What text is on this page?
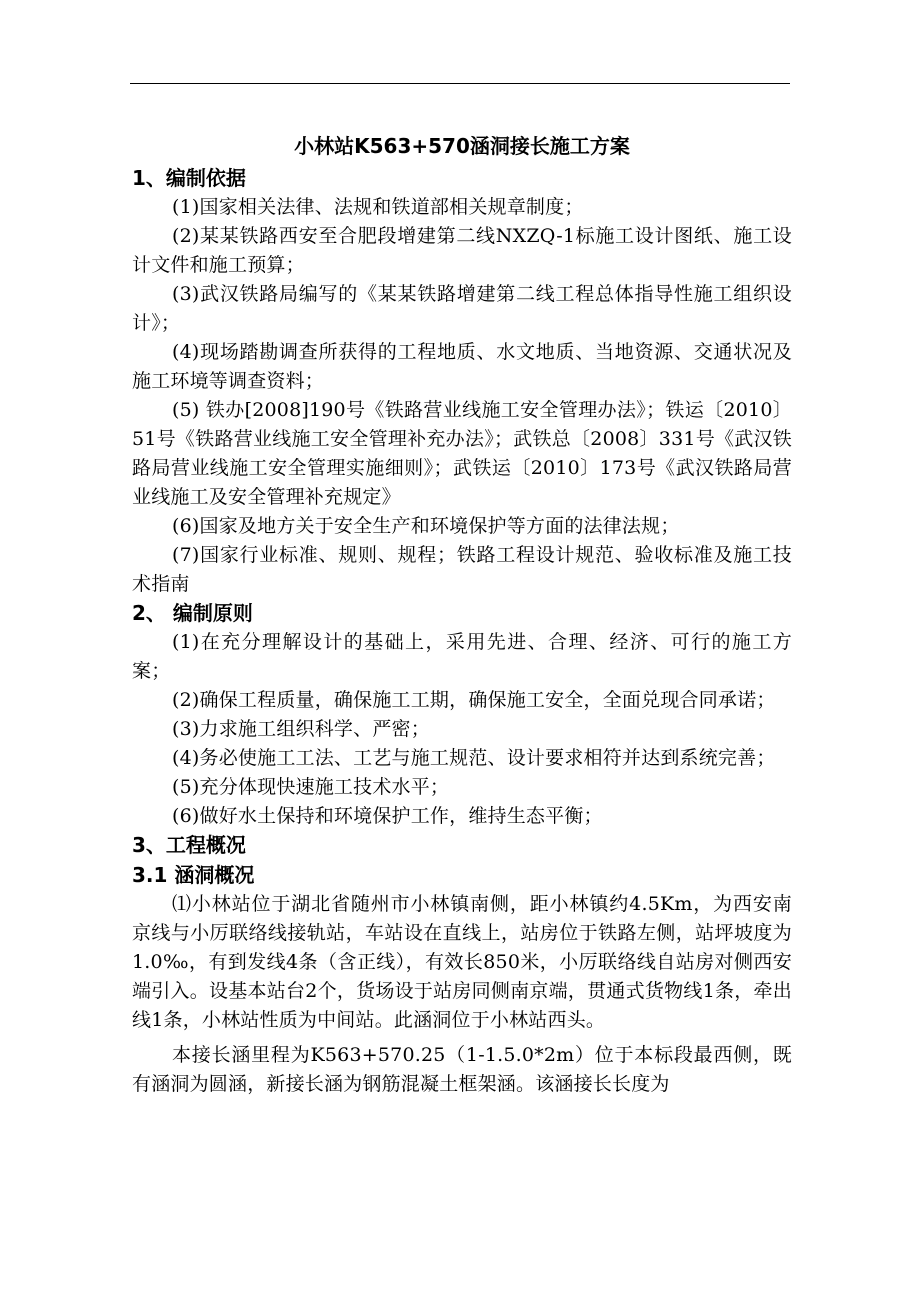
小林站K563+570涵洞接长施工方案
1、编制依据

(1)国家相关法律、法规和铁道部相关规章制度；

(2)某某铁路西安至合肥段增建第二线NXZQ-1标施工设计图纸、施工设计文件和施工预算；

(3)武汉铁路局编写的《某某铁路增建第二线工程总体指导性施工组织设计》；

(4)现场踏勘调查所获得的工程地质、水文地质、当地资源、交通状况及施工环境等调查资料；

(5) 铁办[2008]190号《铁路营业线施工安全管理办法》；铁运〔2010〕51号《铁路营业线施工安全管理补充办法》；武铁总〔2008〕331号《武汉铁路局营业线施工安全管理实施细则》；武铁运〔2010〕173号《武汉铁路局营业线施工及安全管理补充规定》

(6)国家及地方关于安全生产和环境保护等方面的法律法规；

(7)国家行业标准、规则、规程；铁路工程设计规范、验收标准及施工技术指南

2、 编制原则

(1)在充分理解设计的基础上，采用先进、合理、经济、可行的施工方案；

(2)确保工程质量，确保施工工期，确保施工安全，全面兑现合同承诺；

(3)力求施工组织科学、严密；

(4)务必使施工工法、工艺与施工规范、设计要求相符并达到系统完善；

(5)充分体现快速施工技术水平；

(6)做好水土保持和环境保护工作，维持生态平衡；

3、工程概况
3.1 涵洞概况

⑴小林站位于湖北省随州市小林镇南侧，距小林镇约4.5Km，为西安南京线与小厉联络线接轨站，车站设在直线上，站房位于铁路左侧，站坪坡度为1.0‰，有到发线4条（含正线），有效长850米，小厉联络线自站房对侧西安端引入。设基本站台2个，货场设于站房同侧南京端，贯通式货物线1条，牵出线1条，小林站性质为中间站。此涵洞位于小林站西头。

本接长涵里程为K563+570.25（1-1.5.0*2m）位于本标段最西侧，既有涵洞为圆涵，新接长涵为钢筋混凝土框架涵。该涵接长长度为
